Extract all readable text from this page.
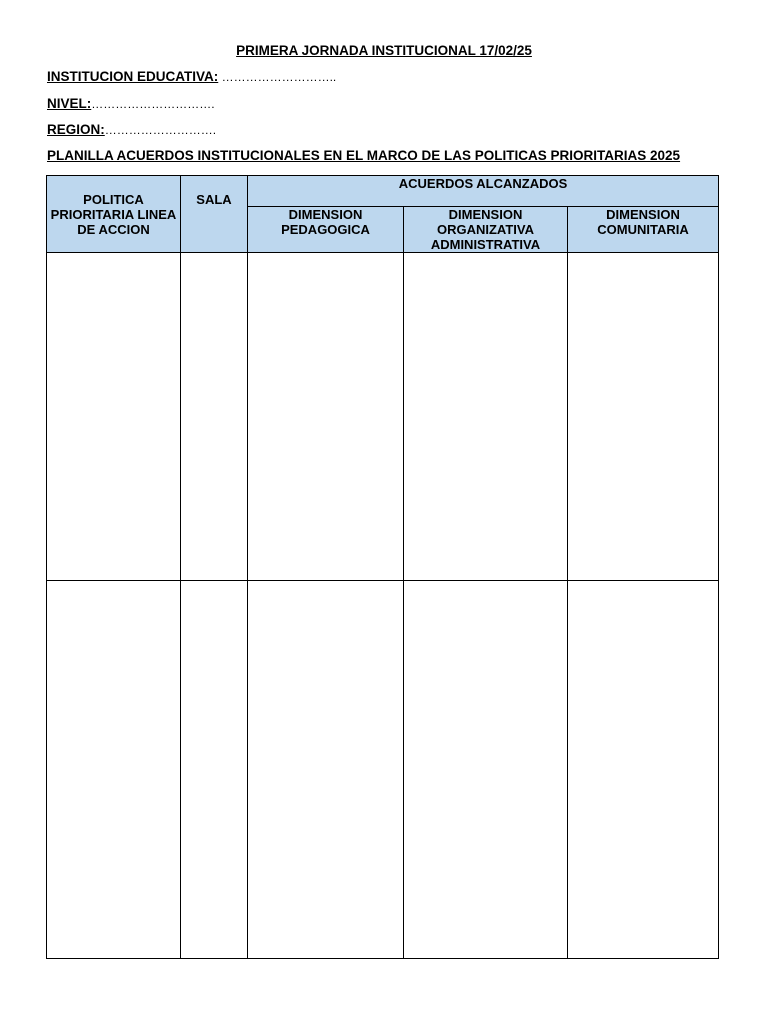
PRIMERA JORNADA INSTITUCIONAL 17/02/25
INSTITUCION EDUCATIVA: ………………………..
NIVEL:………………………….
REGION:……………………….
PLANILLA ACUERDOS INSTITUCIONALES EN EL MARCO DE LAS POLITICAS PRIORITARIAS 2025
POLITICA PRIORITARIA LINEA DE ACCION	SALA	ACUERDOS ALCANZADOS		
		DIMENSION PEDAGOGICA	DIMENSION ORGANIZATIVA ADMINISTRATIVA	DIMENSION COMUNITARIA
